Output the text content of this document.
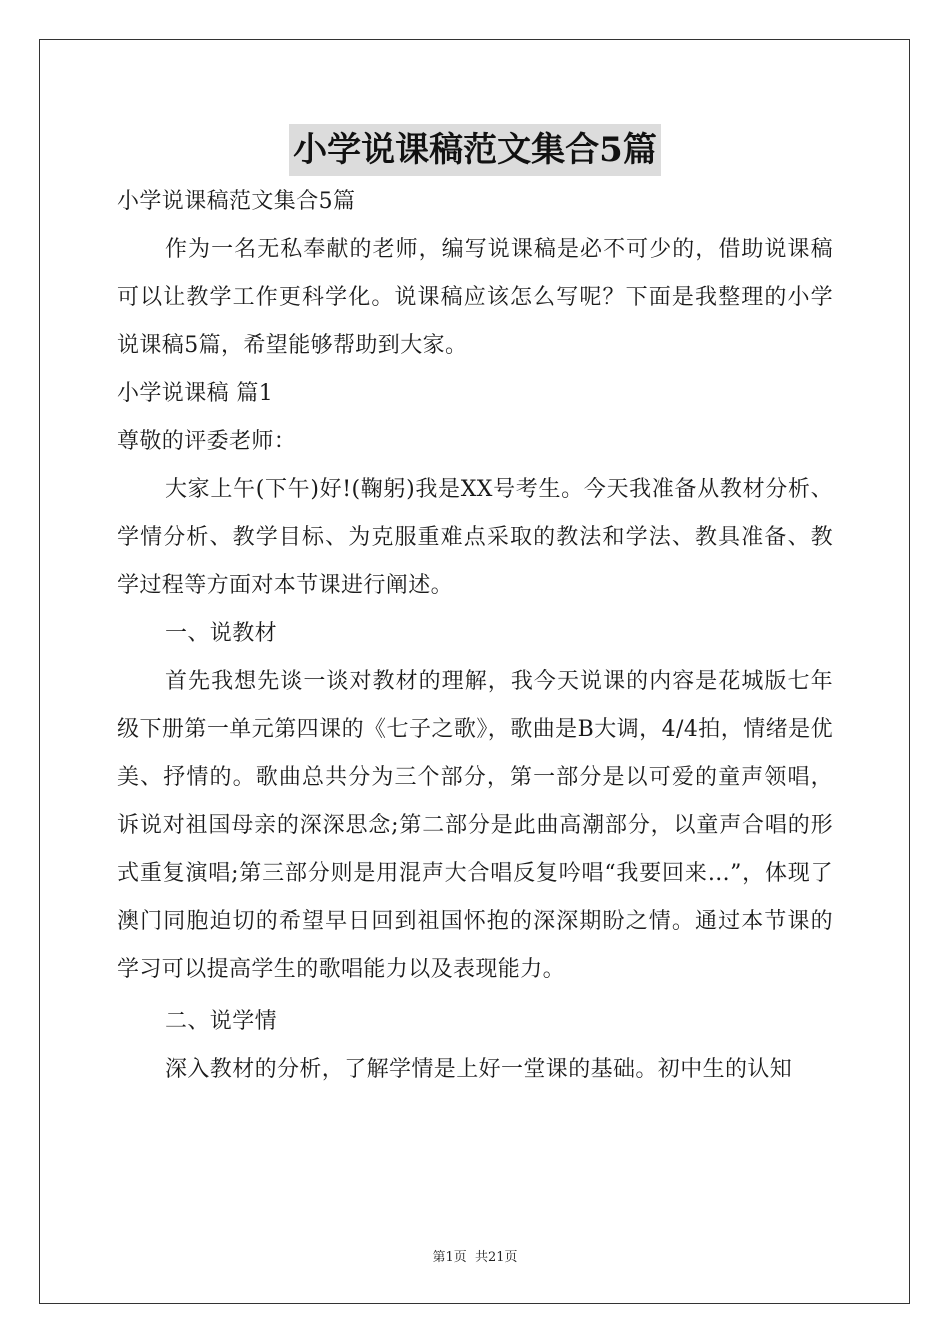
小学说课稿范文集合5篇

小学说课稿范文集合5篇

作为一名无私奉献的老师，编写说课稿是必不可少的，借助说课稿可以让教学工作更科学化。说课稿应该怎么写呢？下面是我整理的小学说课稿5篇，希望能够帮助到大家。

小学说课稿 篇1

尊敬的评委老师：

大家上午(下午)好!(鞠躬)我是XX号考生。今天我准备从教材分析、学情分析、教学目标、为克服重难点采取的教法和学法、教具准备、教学过程等方面对本节课进行阐述。

一、说教材

首先我想先谈一谈对教材的理解，我今天说课的内容是花城版七年级下册第一单元第四课的《七子之歌》，歌曲是B大调，4/4拍，情绪是优美、抒情的。歌曲总共分为三个部分，第一部分是以可爱的童声领唱，诉说对祖国母亲的深深思念;第二部分是此曲高潮部分，以童声合唱的形式重复演唱;第三部分则是用混声大合唱反复吟唱“我要回来…”，体现了澳门同胞迫切的希望早日回到祖国怀抱的深深期盼之情。通过本节课的学习可以提高学生的歌唱能力以及表现能力。

二、说学情

深入教材的分析，了解学情是上好一堂课的基础。初中生的认知

第1页 共21页
